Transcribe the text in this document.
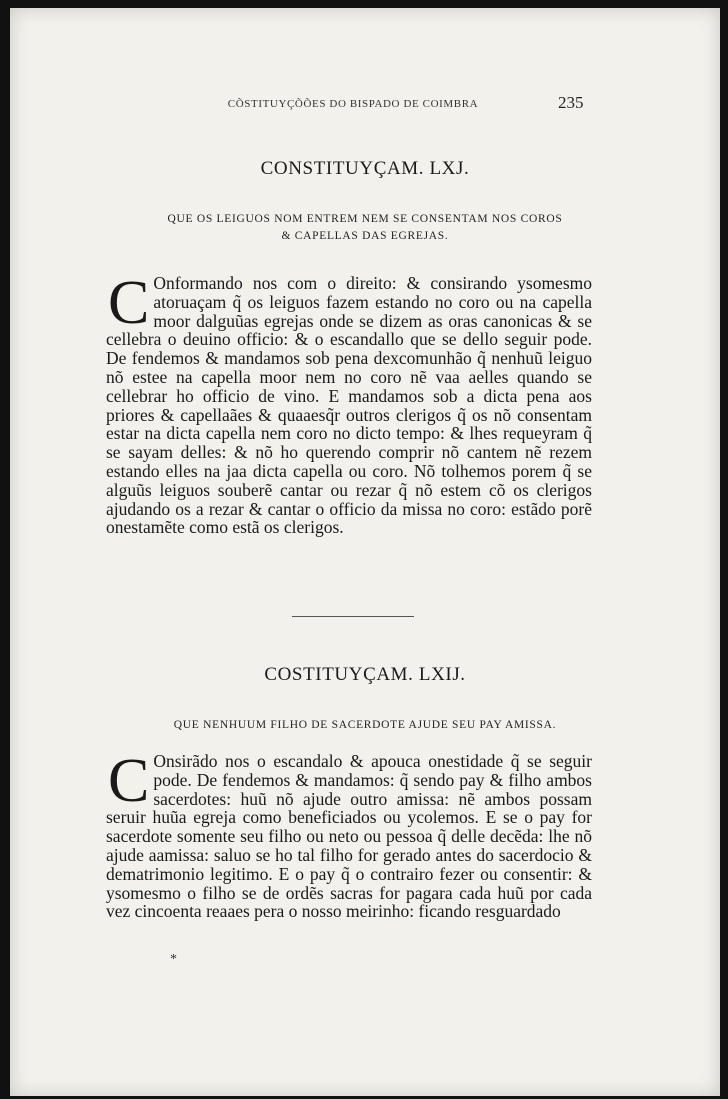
CÕSTITUYÇÕÕES DO BISPADO DE COIMBRA	235
CONSTITUYÇAM. LXJ.
QUE OS LEIGUOS NOM ENTREM NEM SE CONSENTAM NOS COROS
& CAPELLAS DAS EGREJAS.
C Onformando nos com o direito: & consirando ysomesmo atoruaçam q̃ os leiguos fazem estando no coro ou na capella moor dalguũas egrejas onde se dizem as oras canonicas & se cellebra o deuino officio: & o escandallo que se dello seguir pode. De fendemos & mandamos sob pena dexcomunhão q̃ nenhuũ leiguo nõ estee na capella moor nem no coro nẽ vaa aelles quando se cellebrar ho officio de vino. E mandamos sob a dicta pena aos priores & capellaães & quaaesq̃r outros clerigos q̃ os nõ consentam estar na dicta capella nem coro no dicto tempo: & lhes requeyram q̃ se sayam delles: & nõ ho querendo comprir nõ cantem nẽ rezem estando elles na jaa dicta capella ou coro. Nõ tolhemos porem q̃ se alguũs leiguos souberẽ cantar ou rezar q̃ nõ estem cõ os clerigos ajudando os a rezar & cantar o officio da missa no coro: estãdo porẽ onestamẽte como estã os clerigos.
COSTITUYÇAM. LXIJ.
QUE NENHUUM FILHO DE SACERDOTE AJUDE SEU PAY AMISSA.
C Onsirãdo nos o escandalo & apouca onestidade q̃ se seguir pode. De fendemos & mandamos: q̃ sendo pay & filho ambos sacerdotes: huũ nõ ajude outro amissa: nẽ ambos possam seruir huũa egreja como beneficiados ou ycolemos. E se o pay for sacerdote somente seu filho ou neto ou pessoa q̃ delle decẽda: lhe nõ ajude aamissa: saluo se ho tal filho for gerado antes do sacerdocio & dematrimonio legitimo. E o pay q̃ o contrairo fezer ou consentir: & ysomesmo o filho se de ordẽs sacras for pagara cada huũ por cada vez cincoenta reaaes pera o nosso meirinho: ficando resguardado
*
